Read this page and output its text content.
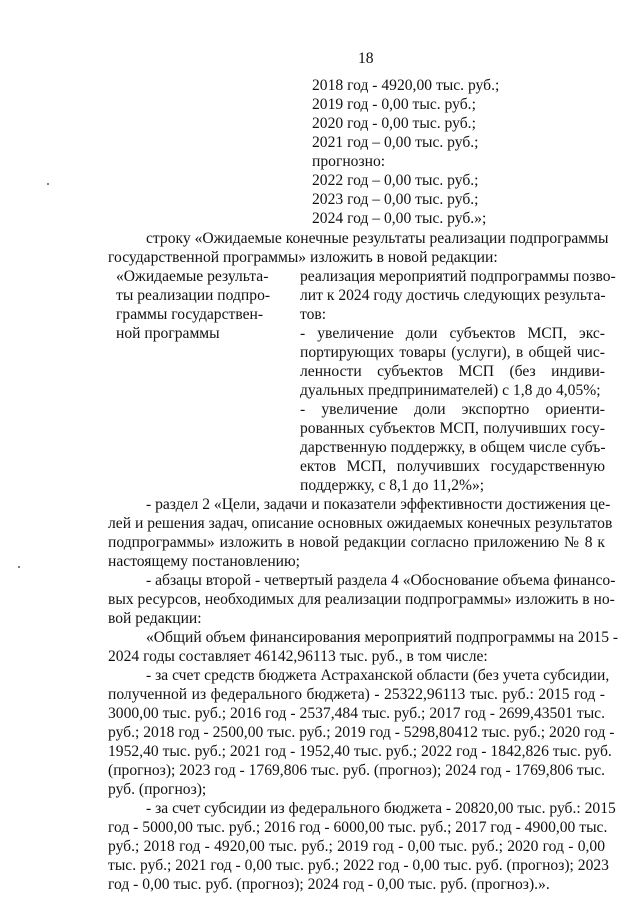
18
2018 год - 4920,00 тыс. руб.;
2019 год - 0,00 тыс. руб.;
2020 год - 0,00 тыс. руб.;
2021 год – 0,00 тыс. руб.;
прогнозно:
2022 год – 0,00 тыс. руб.;
2023 год – 0,00 тыс. руб.;
2024 год – 0,00 тыс. руб.»;
строку «Ожидаемые конечные результаты реализации подпрограммы
государственной программы» изложить в новой редакции:
«Ожидаемые результа-
ты реализации подпро-
граммы государствен-
ной программы
реализация мероприятий подпрограммы позво-
лит к 2024 году достичь следующих результа-
тов:
- увеличение доли субъектов МСП, экс-
портирующих товары (услуги), в общей чис-
ленности субъектов МСП (без индиви-
дуальных предпринимателей) с 1,8 до 4,05%;
- увеличение доли экспортно ориенти-
рованных субъектов МСП, получивших госу-
дарственную поддержку, в общем числе субъ-
ектов МСП, получивших государственную
поддержку, с 8,1 до 11,2%»;
- раздел 2 «Цели, задачи и показатели эффективности достижения це-
лей и решения задач, описание основных ожидаемых конечных результатов
подпрограммы» изложить в новой редакции согласно приложению № 8 к
настоящему постановлению;
- абзацы второй - четвертый раздела 4 «Обоснование объема финансо-
вых ресурсов, необходимых для реализации подпрограммы» изложить в но-
вой редакции:
«Общий объем финансирования мероприятий подпрограммы на 2015 -
2024 годы составляет 46142,96113 тыс. руб., в том числе:
- за счет средств бюджета Астраханской области (без учета субсидии,
полученной из федерального бюджета) - 25322,96113 тыс. руб.: 2015 год -
3000,00 тыс. руб.; 2016 год - 2537,484 тыс. руб.; 2017 год - 2699,43501 тыс.
руб.; 2018 год - 2500,00 тыс. руб.; 2019 год - 5298,80412 тыс. руб.; 2020 год -
1952,40 тыс. руб.; 2021 год - 1952,40 тыс. руб.; 2022 год - 1842,826 тыс. руб.
(прогноз); 2023 год - 1769,806 тыс. руб. (прогноз); 2024 год - 1769,806 тыс.
руб. (прогноз);
- за счет субсидии из федерального бюджета - 20820,00 тыс. руб.: 2015
год - 5000,00 тыс. руб.; 2016 год - 6000,00 тыс. руб.; 2017 год - 4900,00 тыс.
руб.; 2018 год - 4920,00 тыс. руб.; 2019 год - 0,00 тыс. руб.; 2020 год - 0,00
тыс. руб.; 2021 год - 0,00 тыс. руб.; 2022 год - 0,00 тыс. руб. (прогноз); 2023
год - 0,00 тыс. руб. (прогноз); 2024 год - 0,00 тыс. руб. (прогноз).».
